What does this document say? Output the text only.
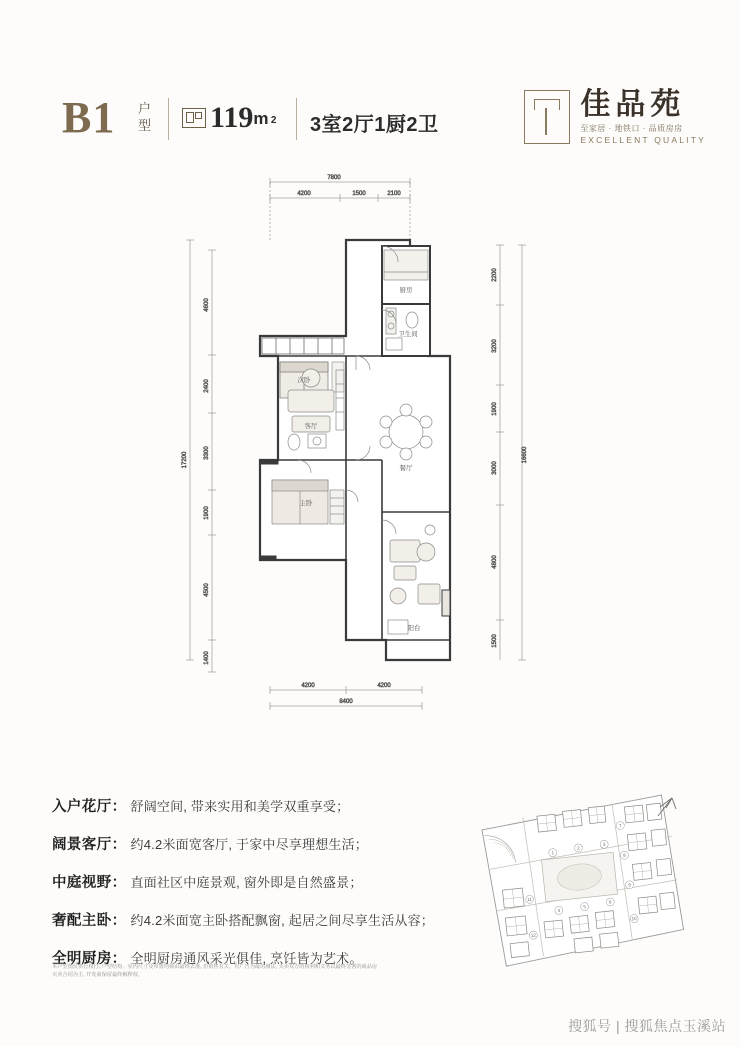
B1 户型 119 m 2 3室2厅1厨2卫
佳品苑
至家居 · 地铁口 · 品质房房
EXCELLENT QUALITY
7800
4200	1500	2100
17200
4600
2400
3300
1900
4500
1400
16600
2200
3200
1900
3000
4800
1500
4200	4200
8400
主卧
次卧
客厅
餐厅
厨房
卫生间
阳台
入户花厅： 舒阔空间, 带来实用和美学双重享受；
阔景客厅： 约4.2米面宽客厅, 于家中尽享理想生活；
中庭视野： 直面社区中庭景观, 窗外即是自然盛景；
奢配主卧： 约4.2米面宽主卧搭配飘窗, 起居之间尽享生活从容；
全明厨房： 全明厨房通风采光俱佳, 烹饪皆为艺术。
本户型图仅供行权行, 户型结构、室内尺寸及布置均须由最终去准, 但销售有关、有广告为最的测法, 买卖双方的权利和义务以最终签署的商品房买卖合同为主, 开发商保留最终解释权。
1
2
3
4
5
6
7
8
9
10
11
12
搜狐号 | 搜狐焦点玉溪站
